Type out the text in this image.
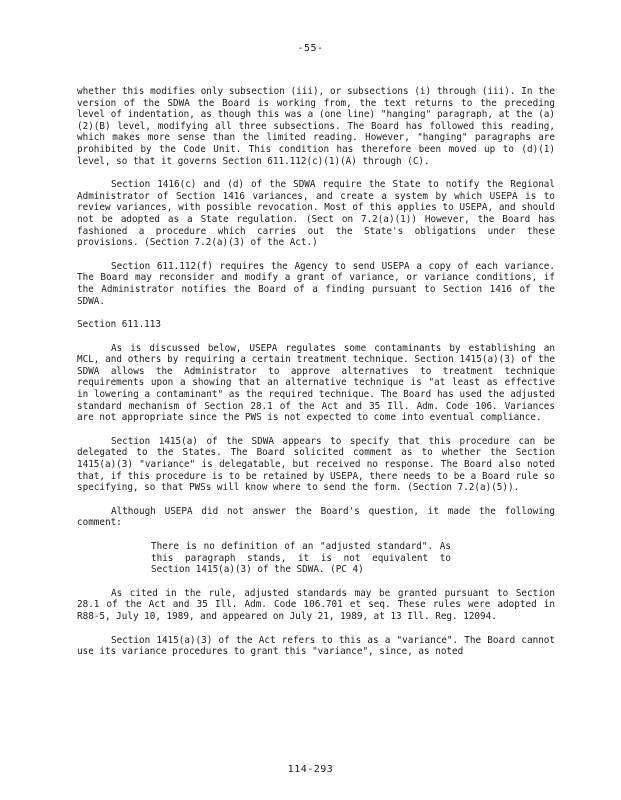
-55-

whether this modifies only subsection (iii), or subsections (i) through (iii). In the version of the SDWA the Board is working from, the text returns to the preceding level of indentation, as though this was a (one line) "hanging" paragraph, at the (a)(2)(B) level, modifying all three subsections. The Board has followed this reading, which makes more sense than the limited reading. However, "hanging" paragraphs are prohibited by the Code Unit. This condition has therefore been moved up to (d)(1) level, so that it governs Section 611.112(c)(1)(A) through (C).

Section 1416(c) and (d) of the SDWA require the State to notify the Regional Administrator of Section 1416 variances, and create a system by which USEPA is to review variances, with possible revocation. Most of this applies to USEPA, and should not be adopted as a State regulation. (Sect on 7.2(a)(1)) However, the Board has fashioned a procedure which carries out the State's obligations under these provisions. (Section 7.2(a)(3) of the Act.)

Section 611.112(f) requires the Agency to send USEPA a copy of each variance. The Board may reconsider and modify a grant of variance, or variance conditions, if the Administrator notifies the Board of a finding pursuant to Section 1416 of the SDWA.

Section 611.113

As is discussed below, USEPA regulates some contaminants by establishing an MCL, and others by requiring a certain treatment technique. Section 1415(a)(3) of the SDWA allows the Administrator to approve alternatives to treatment technique requirements upon a showing that an alternative technique is "at least as effective in lowering a contaminant" as the required technique. The Board has used the adjusted standard mechanism of Section 28.1 of the Act and 35 Ill. Adm. Code 106. Variances are not appropriate since the PWS is not expected to come into eventual compliance.

Section 1415(a) of the SDWA appears to specify that this procedure can be delegated to the States. The Board solicited comment as to whether the Section 1415(a)(3) "variance" is delegatable, but received no response. The Board also noted that, if this procedure is to be retained by USEPA, there needs to be a Board rule so specifying, so that PWSs will know where to send the form. (Section 7.2(a)(5)).

Although USEPA did not answer the Board's question, it made the following comment:

There is no definition of an "adjusted standard". As this paragraph stands, it is not equivalent to Section 1415(a)(3) of the SDWA. (PC 4)

As cited in the rule, adjusted standards may be granted pursuant to Section 28.1 of the Act and 35 Ill. Adm. Code 106.701 et seq. These rules were adopted in R88-5, July 10, 1989, and appeared on July 21, 1989, at 13 Ill. Reg. 12094.

Section 1415(a)(3) of the Act refers to this as a "variance". The Board cannot use its variance procedures to grant this "variance", since, as noted

114-293
